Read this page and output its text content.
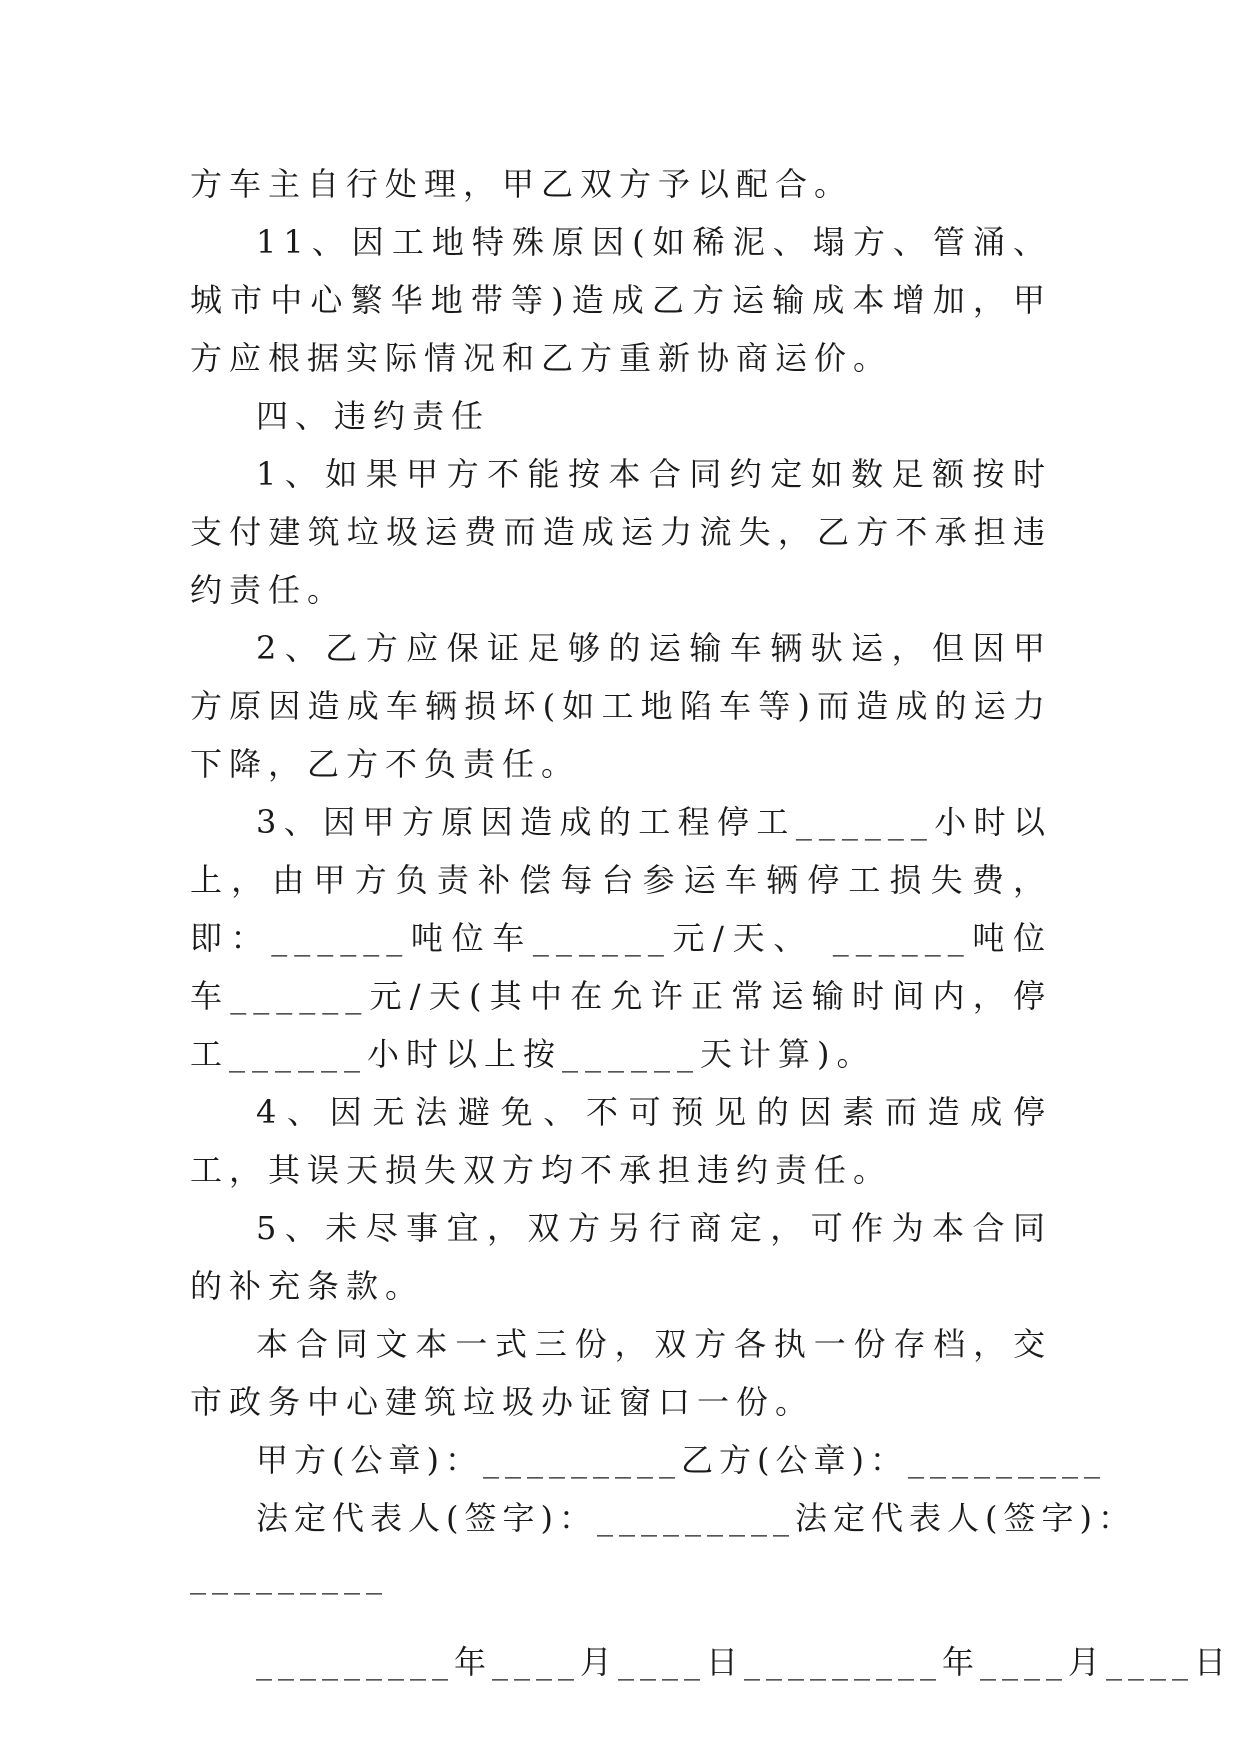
方车主自行处理，甲乙双方予以配合。

11、因工地特殊原因(如稀泥、塌方、管涌、城市中心繁华地带等)造成乙方运输成本增加，甲方应根据实际情况和乙方重新协商运价。

四、违约责任

1、如果甲方不能按本合同约定如数足额按时支付建筑垃圾运费而造成运力流失，乙方不承担违约责任。

2、乙方应保证足够的运输车辆驮运，但因甲方原因造成车辆损坏(如工地陷车等)而造成的运力下降，乙方不负责任。

3、因甲方原因造成的工程停工______小时以上，由甲方负责补偿每台参运车辆停工损失费，即：______吨位车______元/天、 ______吨位车______元/天(其中在允许正常运输时间内，停工______小时以上按______天计算)。

4、因无法避免、不可预见的因素而造成停工，其误天损失双方均不承担违约责任。

5、未尽事宜，双方另行商定，可作为本合同的补充条款。

本合同文本一式三份，双方各执一份存档，交市政务中心建筑垃圾办证窗口一份。

甲方(公章)：_________乙方(公章)：_________

法定代表人(签字)：_________法定代表人(签字)：

_________

_________年____月____日_________年____月____日
